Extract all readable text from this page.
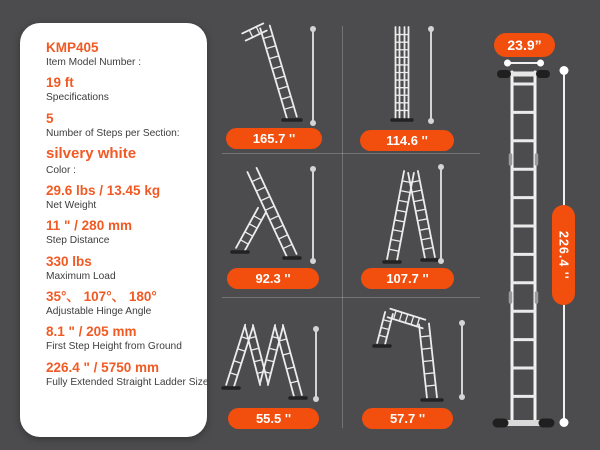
KMP405
Item Model Number :
19 ft
Specifications
5
Number of Steps per Section:
silvery white
Color :
29.6 lbs / 13.45 kg
Net Weight
11 " / 280 mm
Step Distance
330 lbs
Maximum Load
35°、 107°、 180°
Adjustable Hinge Angle
8.1 " / 205 mm
First Step Height from Ground
226.4 " / 5750 mm
Fully Extended Straight Ladder Size
165.7 ''	114.6 ''
92.3 ''	107.7 ''
55.5 ''	57.7 ''
23.9”
226.4 ''
